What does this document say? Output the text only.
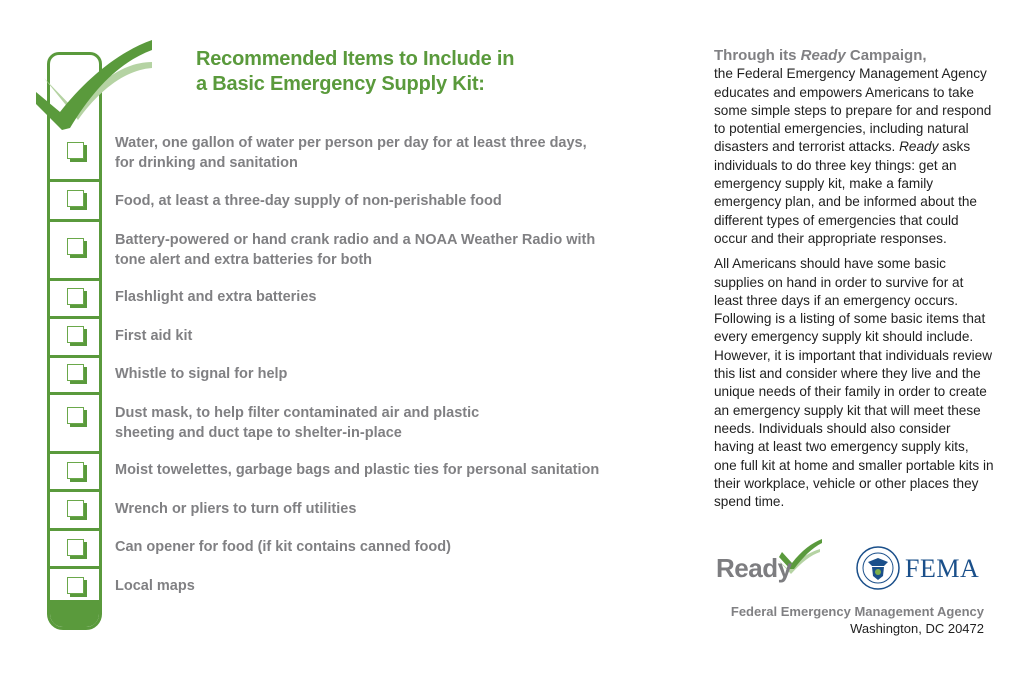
Recommended Items to Include in
a Basic Emergency Supply Kit:
Water, one gallon of water per person per day for at least three days,
for drinking and sanitation
Food, at least a three-day supply of non-perishable food
Battery-powered or hand crank radio and a NOAA Weather Radio with
tone alert and extra batteries for both
Flashlight and extra batteries
First aid kit
Whistle to signal for help
Dust mask, to help filter contaminated air and plastic
sheeting and duct tape to shelter-in-place
Moist towelettes, garbage bags and plastic ties for personal sanitation
Wrench or pliers to turn off utilities
Can opener for food (if kit contains canned food)
Local maps
Through its Ready Campaign,

the Federal Emergency Management Agency educates and empowers Americans to take some simple steps to prepare for and respond to potential emergencies, including natural disasters and terrorist attacks. Ready asks individuals to do three key things: get an emergency supply kit, make a family emergency plan, and be informed about the different types of emergencies that could occur and their appropriate responses.

All Americans should have some basic supplies on hand in order to survive for at least three days if an emergency occurs. Following is a listing of some basic items that every emergency supply kit should include. However, it is important that individuals review this list and consider where they live and the unique needs of their family in order to create an emergency supply kit that will meet these needs. Individuals should also consider having at least two emergency supply kits, one full kit at home and smaller portable kits in their workplace, vehicle or other places they spend time.

Ready	FEMA
Federal Emergency Management Agency
Washington, DC 20472
